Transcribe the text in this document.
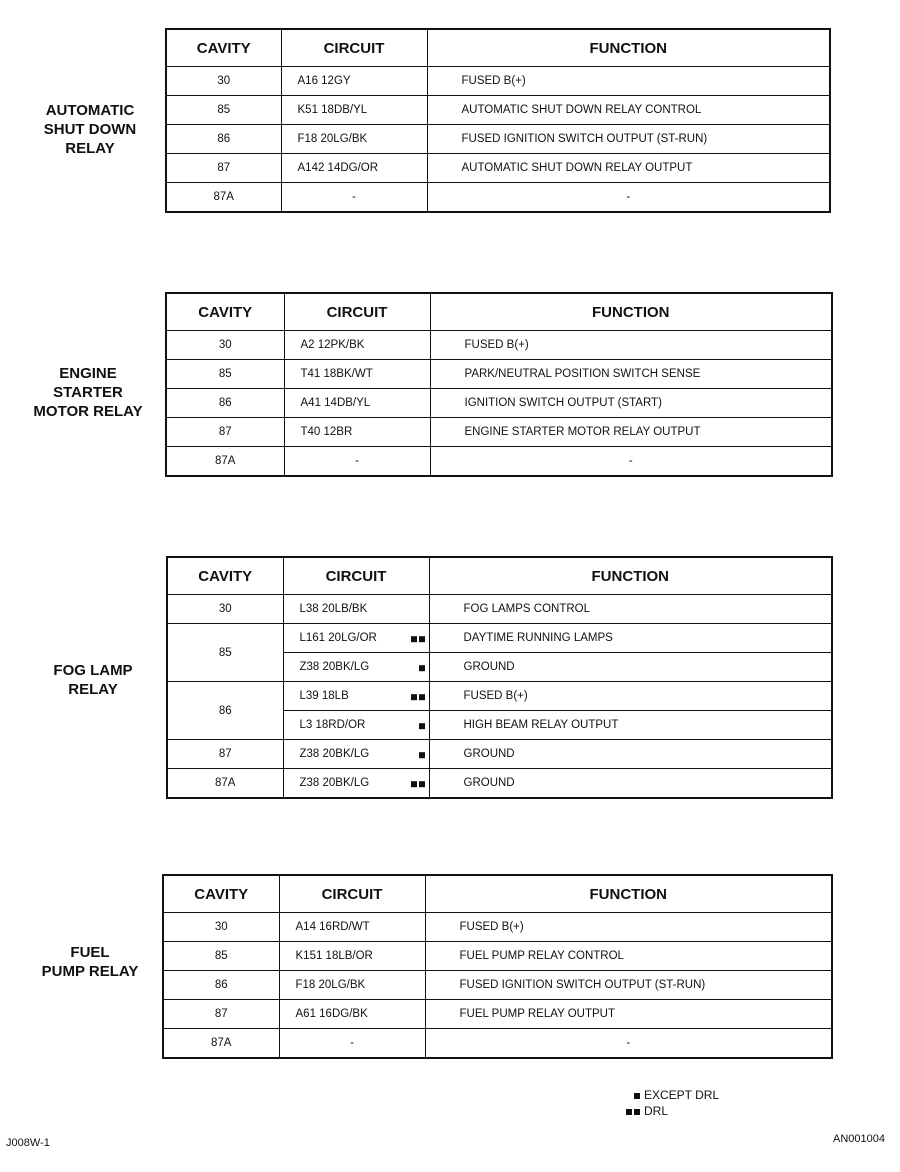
AUTOMATIC
SHUT DOWN
RELAY
CAVITY	CIRCUIT	FUNCTION
30	A16 12GY	FUSED B(+)
85	K51 18DB/YL	AUTOMATIC SHUT DOWN RELAY CONTROL
86	F18 20LG/BK	FUSED IGNITION SWITCH OUTPUT (ST-RUN)
87	A142 14DG/OR	AUTOMATIC SHUT DOWN RELAY OUTPUT
87A	-	-
ENGINE
STARTER
MOTOR RELAY
CAVITY	CIRCUIT	FUNCTION
30	A2 12PK/BK	FUSED B(+)
85	T41 18BK/WT	PARK/NEUTRAL POSITION SWITCH SENSE
86	A41 14DB/YL	IGNITION SWITCH OUTPUT (START)
87	T40 12BR	ENGINE STARTER MOTOR RELAY OUTPUT
87A	-	-
FOG LAMP
RELAY
CAVITY	CIRCUIT	FUNCTION
30	L38 20LB/BK	FOG LAMPS CONTROL
85	L161 20LG/OR	DAYTIME RUNNING LAMPS
	Z38 20BK/LG	GROUND
86	L39 18LB	FUSED B(+)
	L3 18RD/OR	HIGH BEAM RELAY OUTPUT
87	Z38 20BK/LG	GROUND
87A	Z38 20BK/LG	GROUND
FUEL
PUMP RELAY
CAVITY	CIRCUIT	FUNCTION
30	A14 16RD/WT	FUSED B(+)
85	K151 18LB/OR	FUEL PUMP RELAY CONTROL
86	F18 20LG/BK	FUSED IGNITION SWITCH OUTPUT (ST-RUN)
87	A61 16DG/BK	FUEL PUMP RELAY OUTPUT
87A	-	-
EXCEPT DRL
DRL
J008W-1	AN001004
